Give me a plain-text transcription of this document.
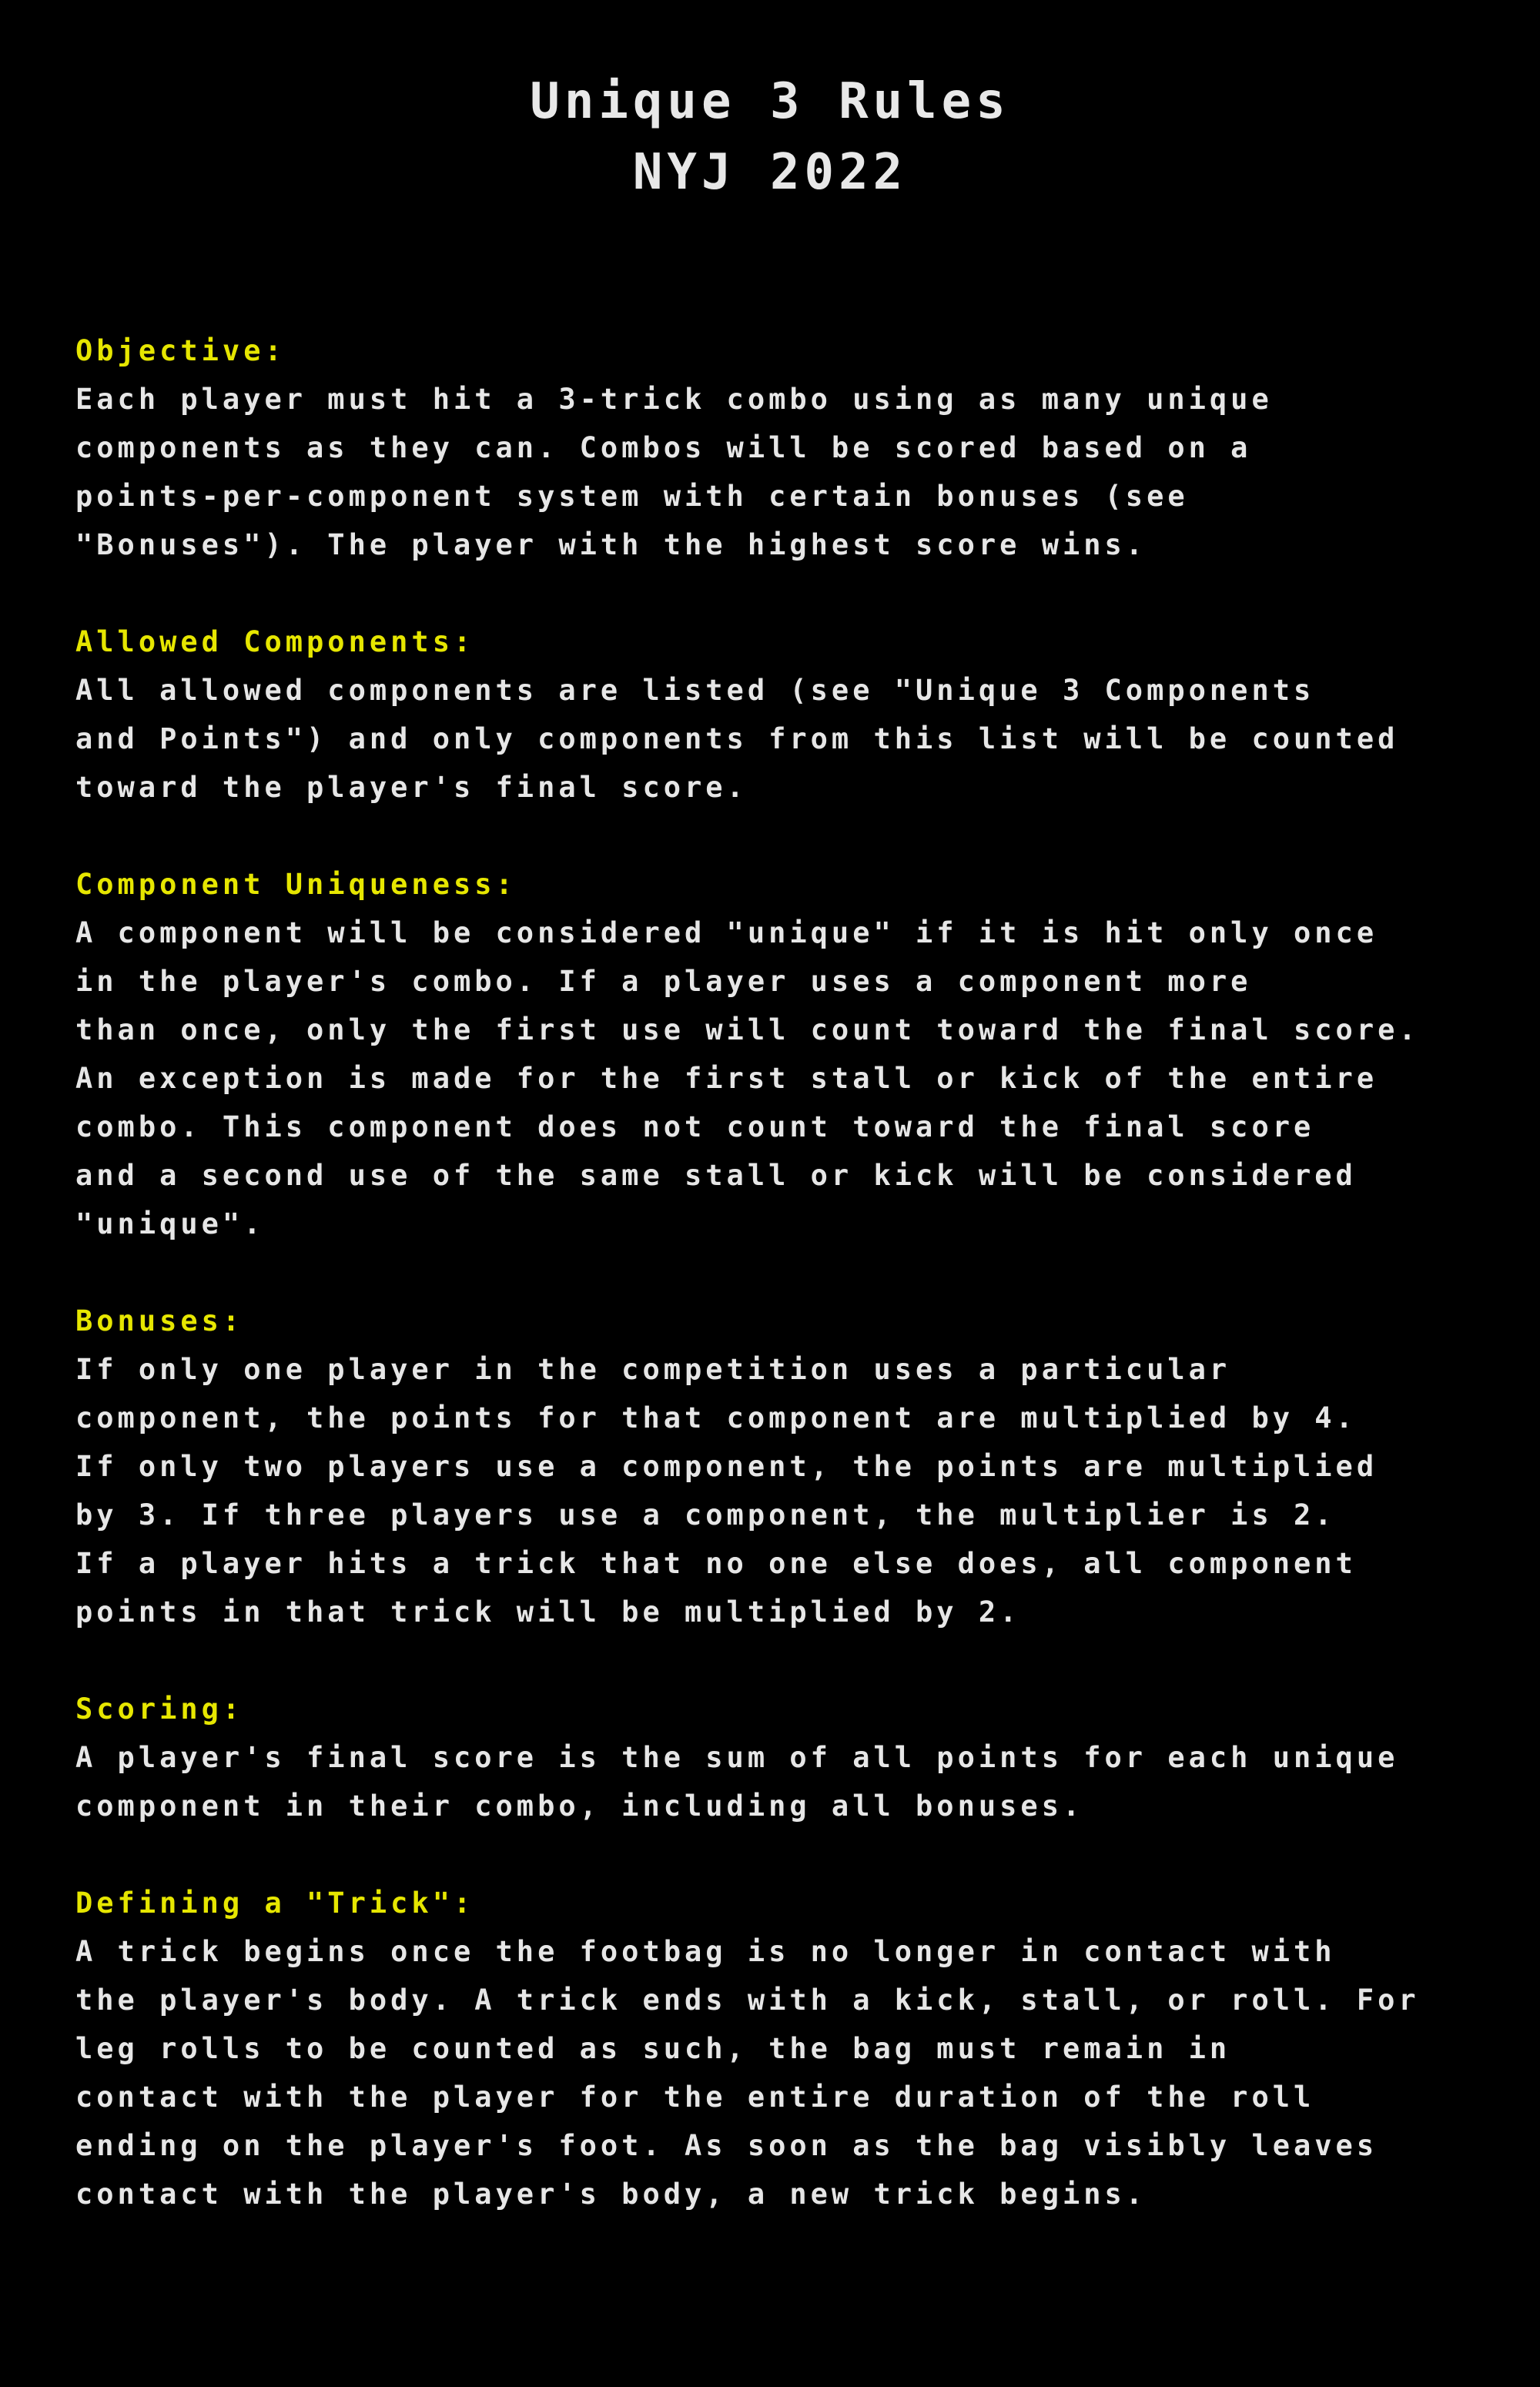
Unique 3 Rules
NYJ 2022
Objective:
Each player must hit a 3-trick combo using as many unique
components as they can. Combos will be scored based on a
points-per-component system with certain bonuses (see
"Bonuses"). The player with the highest score wins.
Allowed Components:
All allowed components are listed (see "Unique 3 Components
and Points") and only components from this list will be counted
toward the player's final score.
Component Uniqueness:
A component will be considered "unique" if it is hit only once
in the player's combo. If a player uses a component more
than once, only the first use will count toward the final score.
An exception is made for the first stall or kick of the entire
combo. This component does not count toward the final score
and a second use of the same stall or kick will be considered
"unique".
Bonuses:
If only one player in the competition uses a particular
component, the points for that component are multiplied by 4.
If only two players use a component, the points are multiplied
by 3. If three players use a component, the multiplier is 2.
If a player hits a trick that no one else does, all component
points in that trick will be multiplied by 2.
Scoring:
A player's final score is the sum of all points for each unique
component in their combo, including all bonuses.
Defining a "Trick":
A trick begins once the footbag is no longer in contact with
the player's body. A trick ends with a kick, stall, or roll. For
leg rolls to be counted as such, the bag must remain in
contact with the player for the entire duration of the roll
ending on the player's foot. As soon as the bag visibly leaves
contact with the player's body, a new trick begins.
